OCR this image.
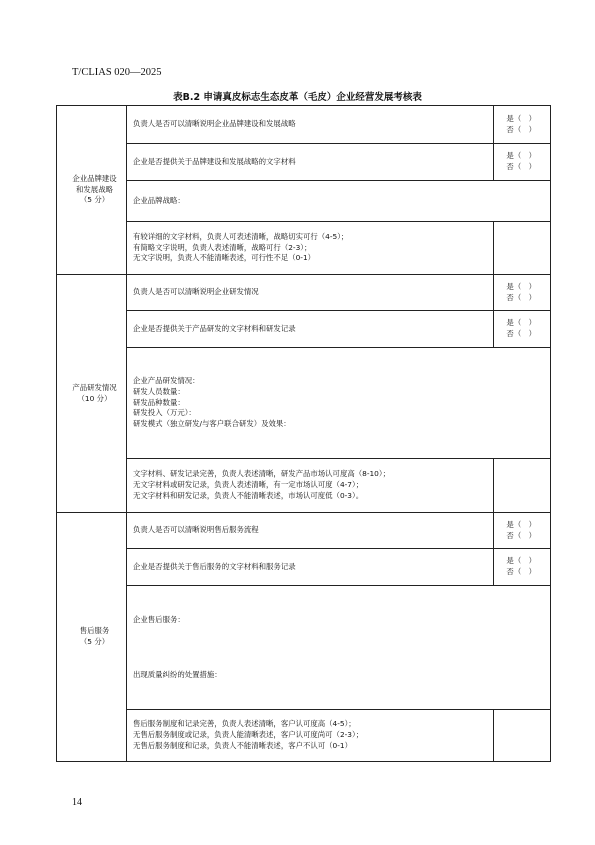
T/CLIAS 020—2025
表B.2 申请真皮标志生态皮革（毛皮）企业经营发展考核表
企业品牌建设
和发展战略
（5 分）	负责人是否可以清晰说明企业品牌建设和发展战略	是（　）
否（　）

	企业是否提供关于品牌建设和发展战略的文字材料	是（　）
否（　）

	企业品牌战略：	

	有较详细的文字材料，负责人可表述清晰，战略切实可行（4-5）；
有简略文字说明，负责人表述清晰，战略可行（2-3）；
无文字说明，负责人不能清晰表述，可行性不足（0-1）	

产品研发情况
（10 分）	负责人是否可以清晰说明企业研发情况	是（　）
否（　）

	企业是否提供关于产品研发的文字材料和研发记录	是（　）
否（　）

	企业产品研发情况：
研发人员数量：
研发品种数量：
研发投入（万元）：
研发模式（独立研发/与客户联合研发）及效果：	

	文字材料、研发记录完善，负责人表述清晰，研发产品市场认可度高（8-10）；
无文字材料或研发记录，负责人表述清晰，有一定市场认可度（4-7）；
无文字材料和研发记录，负责人不能清晰表述，市场认可度低（0-3）。	

售后服务
（5 分）	负责人是否可以清晰说明售后服务流程	是（　）
否（　）

	企业是否提供关于售后服务的文字材料和服务记录	是（　）
否（　）

	企业售后服务：
出现质量纠纷的处置措施：	

	售后服务制度和记录完善，负责人表述清晰，客户认可度高（4-5）；
无售后服务制度或记录，负责人能清晰表述，客户认可度尚可（2-3）；
无售后服务制度和记录，负责人不能清晰表述，客户不认可（0-1）	

14
